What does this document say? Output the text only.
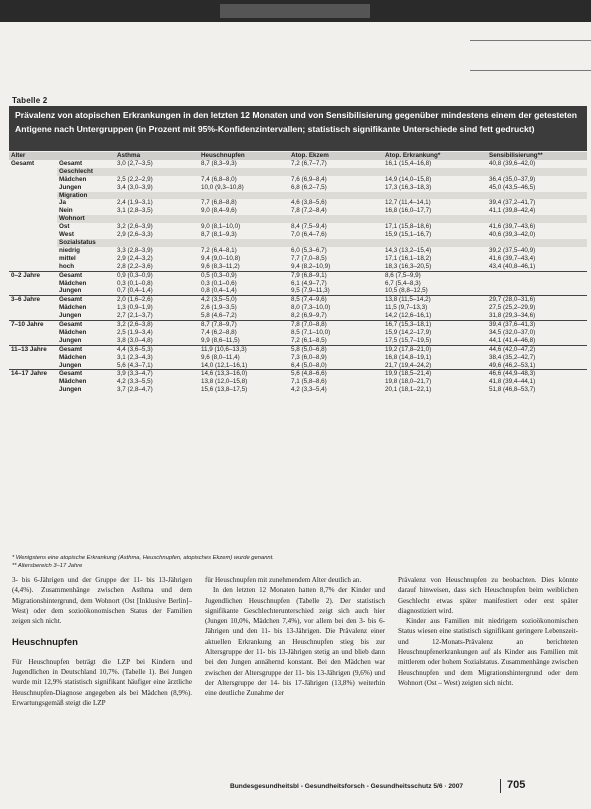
Tabelle 2
Prävalenz von atopischen Erkrankungen in den letzten 12 Monaten und von Sensibilisierung gegenüber mindestens einem der getesteten Antigene nach Untergruppen (in Prozent mit 95%-Konfidenzintervallen; statistisch signifikante Unterschiede sind fett gedruckt)
Alter		Asthma	Heuschnupfen	Atop. Ekzem	Atop. Erkrankung*	Sensibilisierung**
Gesamt	Gesamt	3,0 (2,7–3,5)	8,7 (8,3–9,3)	7,2 (6,7–7,7)	16,1 (15,4–16,8)	40,8 (39,6–42,0)
	Geschlecht					
	Mädchen	2,5 (2,2–2,9)	7,4 (6,8–8,0)	7,6 (6,9–8,4)	14,9 (14,0–15,8)	36,4 (35,0–37,9)
	Jungen	3,4 (3,0–3,9)	10,0 (9,3–10,8)	6,8 (6,2–7,5)	17,3 (16,3–18,3)	45,0 (43,5–46,5)
	Migration					
	Ja	2,4 (1,9–3,1)	7,7 (6,8–8,8)	4,6 (3,8–5,6)	12,7 (11,4–14,1)	39,4 (37,2–41,7)
	Nein	3,1 (2,8–3,5)	9,0 (8,4–9,6)	7,8 (7,2–8,4)	16,8 (16,0–17,7)	41,1 (39,8–42,4)
	Wohnort					
	Ost	3,2 (2,6–3,9)	9,0 (8,1–10,0)	8,4 (7,5–9,4)	17,1 (15,8–18,6)	41,6 (39,7–43,6)
	West	2,9 (2,6–3,3)	8,7 (8,1–9,3)	7,0 (6,4–7,6)	15,9 (15,1–16,7)	40,6 (39,3–42,0)
	Sozialstatus					
	niedrig	3,3 (2,8–3,9)	7,2 (6,4–8,1)	6,0 (5,3–6,7)	14,3 (13,2–15,4)	39,2 (37,5–40,9)
	mittel	2,9 (2,4–3,2)	9,4 (9,0–10,8)	7,7 (7,0–8,5)	17,1 (16,1–18,2)	41,6 (39,7–43,4)
	hoch	2,8 (2,2–3,6)	9,6 (8,3–11,2)	9,4 (8,2–10,9)	18,3 (16,3–20,5)	43,4 (40,8–46,1)
0–2 Jahre	Gesamt	0,9 (0,3–0,9)	0,5 (0,3–0,9)	7,9 (6,8–9,1)	8,6 (7,5–9,9)	
	Mädchen	0,3 (0,1–0,8)	0,3 (0,1–0,6)	6,1 (4,9–7,7)	6,7 (5,4–8,3)	
	Jungen	0,7 (0,4–1,4)	0,8 (0,4–1,4)	9,5 (7,9–11,3)	10,5 (8,8–12,5)	
3–6 Jahre	Gesamt	2,0 (1,6–2,6)	4,2 (3,5–5,0)	8,5 (7,4–9,6)	13,8 (11,5–14,2)	29,7 (28,0–31,6)
	Mädchen	1,3 (0,9–1,9)	2,6 (1,9–3,5)	8,0 (7,3–10,0)	11,5 (9,7–13,3)	27,5 (25,2–29,9)
	Jungen	2,7 (2,1–3,7)	5,8 (4,6–7,2)	8,2 (6,9–9,7)	14,2 (12,6–16,1)	31,8 (29,3–34,6)
7–10 Jahre	Gesamt	3,2 (2,6–3,8)	8,7 (7,8–9,7)	7,8 (7,0–8,8)	16,7 (15,3–18,1)	39,4 (37,6–41,3)
	Mädchen	2,5 (1,9–3,4)	7,4 (6,2–8,8)	8,5 (7,1–10,0)	15,9 (14,2–17,9)	34,5 (32,0–37,0)
	Jungen	3,8 (3,0–4,8)	9,9 (8,6–11,5)	7,2 (6,1–8,5)	17,5 (15,7–19,5)	44,1 (41,4–46,8)
11–13 Jahre	Gesamt	4,4 (3,6–5,3)	11,9 (10,6–13,3)	5,8 (5,0–6,8)	19,2 (17,8–21,0)	44,6 (42,0–47,2)
	Mädchen	3,1 (2,3–4,3)	9,6 (8,0–11,4)	7,3 (6,0–8,9)	16,8 (14,8–19,1)	38,4 (35,2–42,7)
	Jungen	5,6 (4,3–7,1)	14,0 (12,1–16,1)	6,4 (5,0–8,0)	21,7 (19,4–24,2)	49,6 (46,2–53,1)
14–17 Jahre	Gesamt	3,9 (3,3–4,7)	14,6 (13,3–16,0)	5,6 (4,8–6,6)	19,9 (18,5–21,4)	46,6 (44,9–48,3)
	Mädchen	4,2 (3,3–5,5)	13,8 (12,0–15,8)	7,1 (5,8–8,6)	19,8 (18,0–21,7)	41,8 (39,4–44,1)
	Jungen	3,7 (2,8–4,7)	15,6 (13,8–17,5)	4,2 (3,3–5,4)	20,1 (18,1–22,1)	51,8 (46,8–53,7)
* Wenigstens eine atopische Erkrankung (Asthma, Heuschnupfen, atopisches Ekzem) wurde genannt.
** Altersbereich 3–17 Jahre

3- bis 6-Jährigen und der Gruppe der 11- bis 13-Jährigen (4,4%). Zusammenhänge zwischen Asthma und dem Migrationshintergrund, dem Wohnort (Ost [Inklusive Berlin]–West) oder dem sozioökonomischen Status der Familien zeigen sich nicht.

Heuschnupfen

Für Heuschnupfen beträgt die LZP bei Kindern und Jugendlichen in Deutschland 10,7%. (Tabelle 1). Bei Jungen wurde mit 12,9% statistisch signifikant häufiger eine ärztliche Heuschnupfen-Diagnose angegeben als bei Mädchen (8,9%). Erwartungsgemäß steigt die LZP

für Heuschnupfen mit zunehmendem Alter deutlich an.

In den letzten 12 Monaten hatten 8,7% der Kinder und Jugendlichen Heuschnupfen (Tabelle 2). Der statistisch signifikante Geschlechterunterschied zeigt sich auch hier (Jungen 10,0%, Mädchen 7,4%), vor allem bei den 3- bis 6-Jährigen und den 11- bis 13-Jährigen. Die Prävalenz einer aktuellen Erkrankung an Heuschnupfen stieg bis zur Altersgruppe der 11- bis 13-Jährigen stetig an und blieb dann bei den Jungen annähernd konstant. Bei den Mädchen war zwischen der Altersgruppe der 11- bis 13-Jährigen (9,6%) und der Altersgruppe der 14- bis 17-Jährigen (13,8%) weiterhin eine deutliche Zunahme der

Prävalenz von Heuschnupfen zu beobachten. Dies könnte darauf hinweisen, dass sich Heuschnupfen beim weiblichen Geschlecht etwas später manifestiert oder erst später diagnostiziert wird.

Kinder aus Familien mit niedrigem sozioökonomischen Status wiesen eine statistisch signifikant geringere Lebenszeit- und 12-Monats-Prävalenz an berichteten Heuschnupfenerkrankungen auf als Kinder aus Familien mit mittlerem oder hohem Sozialstatus. Zusammenhänge zwischen Heuschnupfen und dem Migrationshintergrund oder dem Wohnort (Ost – West) zeigten sich nicht.

Bundesgesundheitsbl - Gesundheitsforsch - Gesundheitsschutz 5/6 · 2007	705
